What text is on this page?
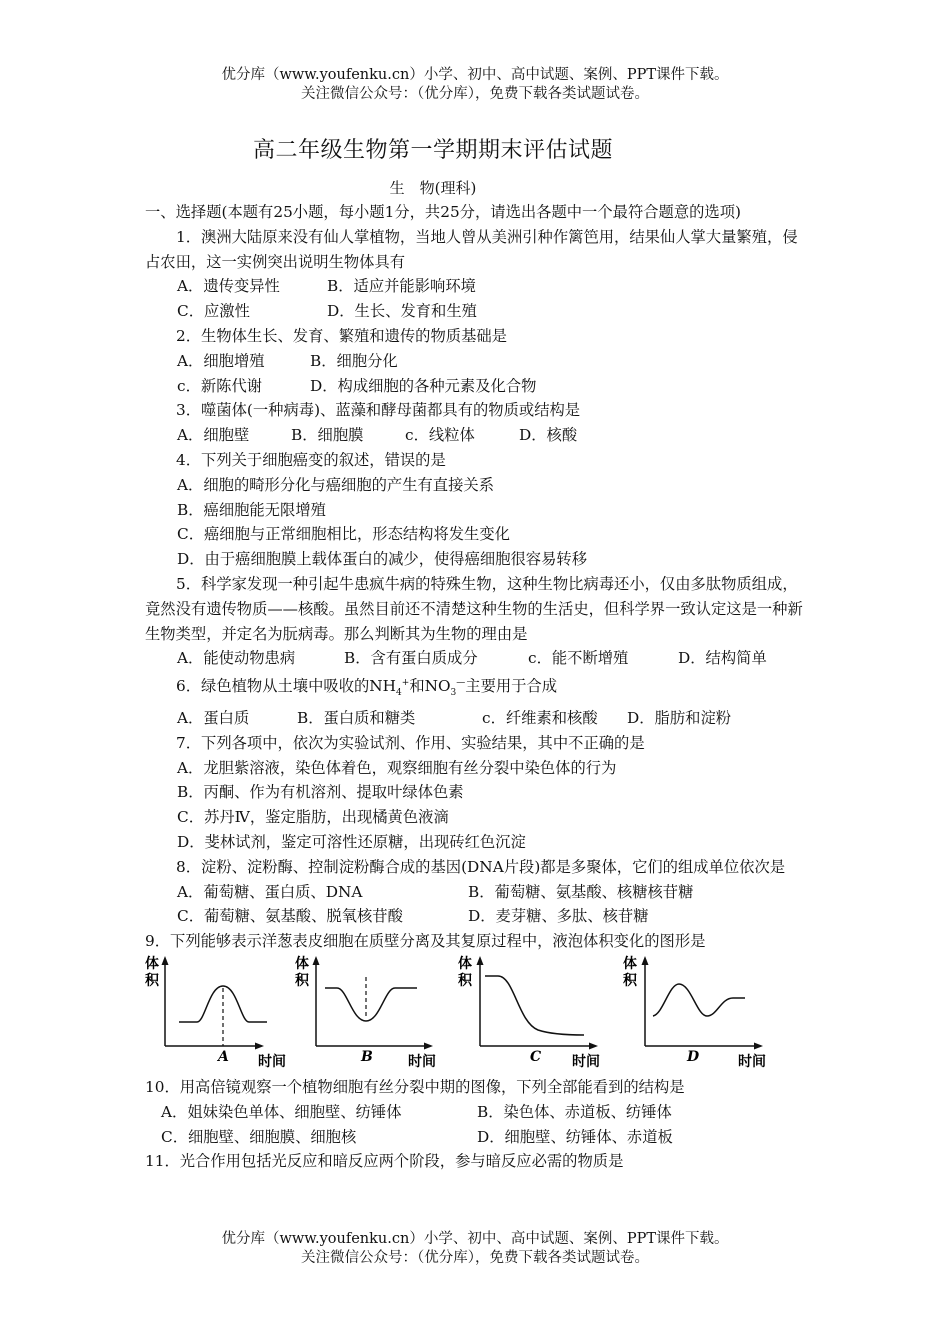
优分库（www.youfenku.cn）小学、初中、高中试题、案例、PPT课件下载。
关注微信公众号：（优分库），免费下载各类试题试卷。
高二年级生物第一学期期末评估试题
生　物(理科)

一、选择题(本题有25小题，每小题1分，共25分，请选出各题中一个最符合题意的选项)

1．澳洲大陆原来没有仙人掌植物，当地人曾从美洲引种作篱笆用，结果仙人掌大量繁殖，侵占农田，这一实例突出说明生物体具有

A．遗传变异性	B．适应并能影响环境

C．应激性	D．生长、发育和生殖

2．生物体生长、发育、繁殖和遗传的物质基础是

A．细胞增殖	B．细胞分化

c．新陈代谢	D．构成细胞的各种元素及化合物

3．噬菌体(一种病毒)、蓝藻和酵母菌都具有的物质或结构是

A．细胞壁	B．细胞膜	c．线粒体	D．核酸

4．下列关于细胞癌变的叙述，错误的是

A．细胞的畸形分化与癌细胞的产生有直接关系

B．癌细胞能无限增殖

C．癌细胞与正常细胞相比，形态结构将发生变化

D．由于癌细胞膜上载体蛋白的减少，使得癌细胞很容易转移

5．科学家发现一种引起牛患疯牛病的特殊生物，这种生物比病毒还小，仅由多肽物质组成，竟然没有遗传物质——核酸。虽然目前还不清楚这种生物的生活史，但科学界一致认定这是一种新生物类型，并定名为朊病毒。那么判断其为生物的理由是

A．能使动物患病	B．含有蛋白质成分	c．能不断增殖	D．结构简单

6．绿色植物从土壤中吸收的$NH_4^+$和$NO_3^—$主要用于合成

A．蛋白质	B．蛋白质和糖类	c．纤维素和核酸 D．脂肪和淀粉

7．下列各项中，依次为实验试剂、作用、实验结果，其中不正确的是

A．龙胆紫溶液，染色体着色，观察细胞有丝分裂中染色体的行为

B．丙酮、作为有机溶剂、提取叶绿体色素

C．苏丹Ⅳ，鉴定脂肪，出现橘黄色液滴

D．斐林试剂，鉴定可溶性还原糖，出现砖红色沉淀

8．淀粉、淀粉酶、控制淀粉酶合成的基因(DNA片段)都是多聚体，它们的组成单位依次是

A．葡萄糖、蛋白质、DNA	B．葡萄糖、氨基酸、核糖核苷糖

C．葡萄糖、氨基酸、脱氧核苷酸	D．麦芽糖、多肽、核苷糖

9．下列能够表示洋葱表皮细胞在质壁分离及其复原过程中，液泡体积变化的图形是

体
积
A 时间
体
积
B	时间
体
积
C 时间
体
积
D	时间

10．用高倍镜观察一个植物细胞有丝分裂中期的图像，下列全部能看到的结构是

A．姐妹染色单体、细胞壁、纺锤体	B．染色体、赤道板、纺锤体

C．细胞壁、细胞膜、细胞核	D．细胞壁、纺锤体、赤道板

11．光合作用包括光反应和暗反应两个阶段，参与暗反应必需的物质是

优分库（www.youfenku.cn）小学、初中、高中试题、案例、PPT课件下载。
关注微信公众号：（优分库），免费下载各类试题试卷。
